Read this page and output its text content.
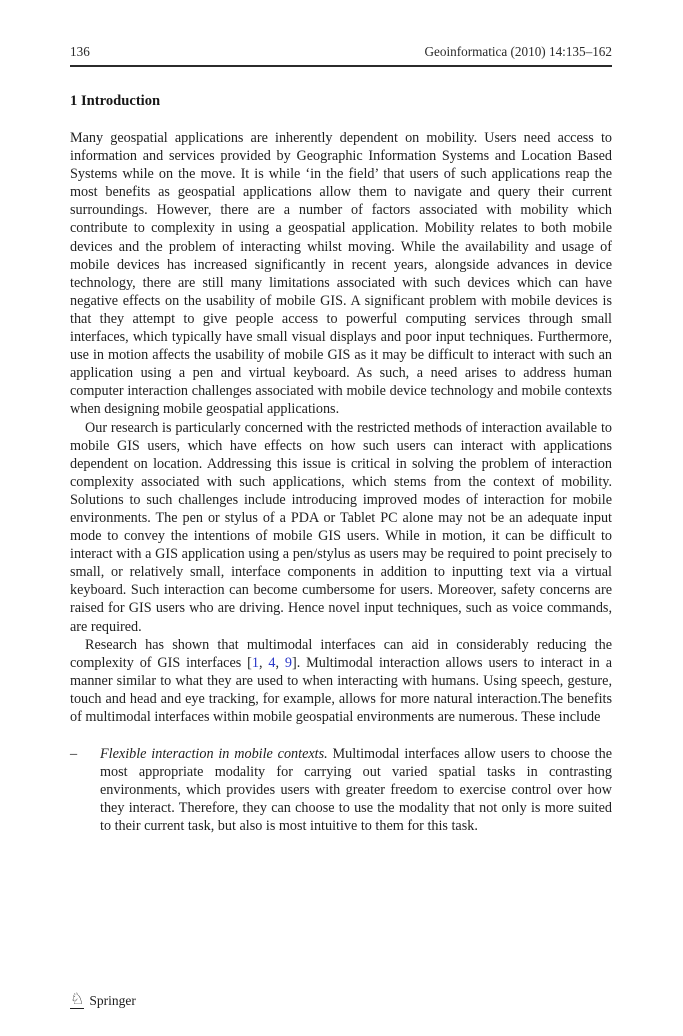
136	Geoinformatica (2010) 14:135–162
1 Introduction

Many geospatial applications are inherently dependent on mobility. Users need access to information and services provided by Geographic Information Systems and Location Based Systems while on the move. It is while ‘in the field’ that users of such applications reap the most benefits as geospatial applications allow them to navigate and query their current surroundings. However, there are a number of factors associated with mobility which contribute to complexity in using a geospatial application. Mobility relates to both mobile devices and the problem of interacting whilst moving. While the availability and usage of mobile devices has increased significantly in recent years, alongside advances in device technology, there are still many limitations associated with such devices which can have negative effects on the usability of mobile GIS. A significant problem with mobile devices is that they attempt to give people access to powerful computing services through small interfaces, which typically have small visual displays and poor input techniques. Furthermore, use in motion affects the usability of mobile GIS as it may be difficult to interact with such an application using a pen and virtual keyboard. As such, a need arises to address human computer interaction challenges associated with mobile device technology and mobile contexts when designing mobile geospatial applications.

Our research is particularly concerned with the restricted methods of interaction available to mobile GIS users, which have effects on how such users can interact with applications dependent on location. Addressing this issue is critical in solving the problem of interaction complexity associated with such applications, which stems from the context of mobility. Solutions to such challenges include introducing improved modes of interaction for mobile environments. The pen or stylus of a PDA or Tablet PC alone may not be an adequate input mode to convey the intentions of mobile GIS users. While in motion, it can be difficult to interact with a GIS application using a pen/stylus as users may be required to point precisely to small, or relatively small, interface components in addition to inputting text via a virtual keyboard. Such interaction can become cumbersome for users. Moreover, safety concerns are raised for GIS users who are driving. Hence novel input techniques, such as voice commands, are required.

Research has shown that multimodal interfaces can aid in considerably reducing the complexity of GIS interfaces [1, 4, 9]. Multimodal interaction allows users to interact in a manner similar to what they are used to when interacting with humans. Using speech, gesture, touch and head and eye tracking, for example, allows for more natural interaction.The benefits of multimodal interfaces within mobile geospatial environments are numerous. These include

–	Flexible interaction in mobile contexts. Multimodal interfaces allow users to choose the most appropriate modality for carrying out varied spatial tasks in contrasting environments, which provides users with greater freedom to exercise control over how they interact. Therefore, they can choose to use the modality that not only is more suited to their current task, but also is most intuitive to them for this task.
♘ Springer
